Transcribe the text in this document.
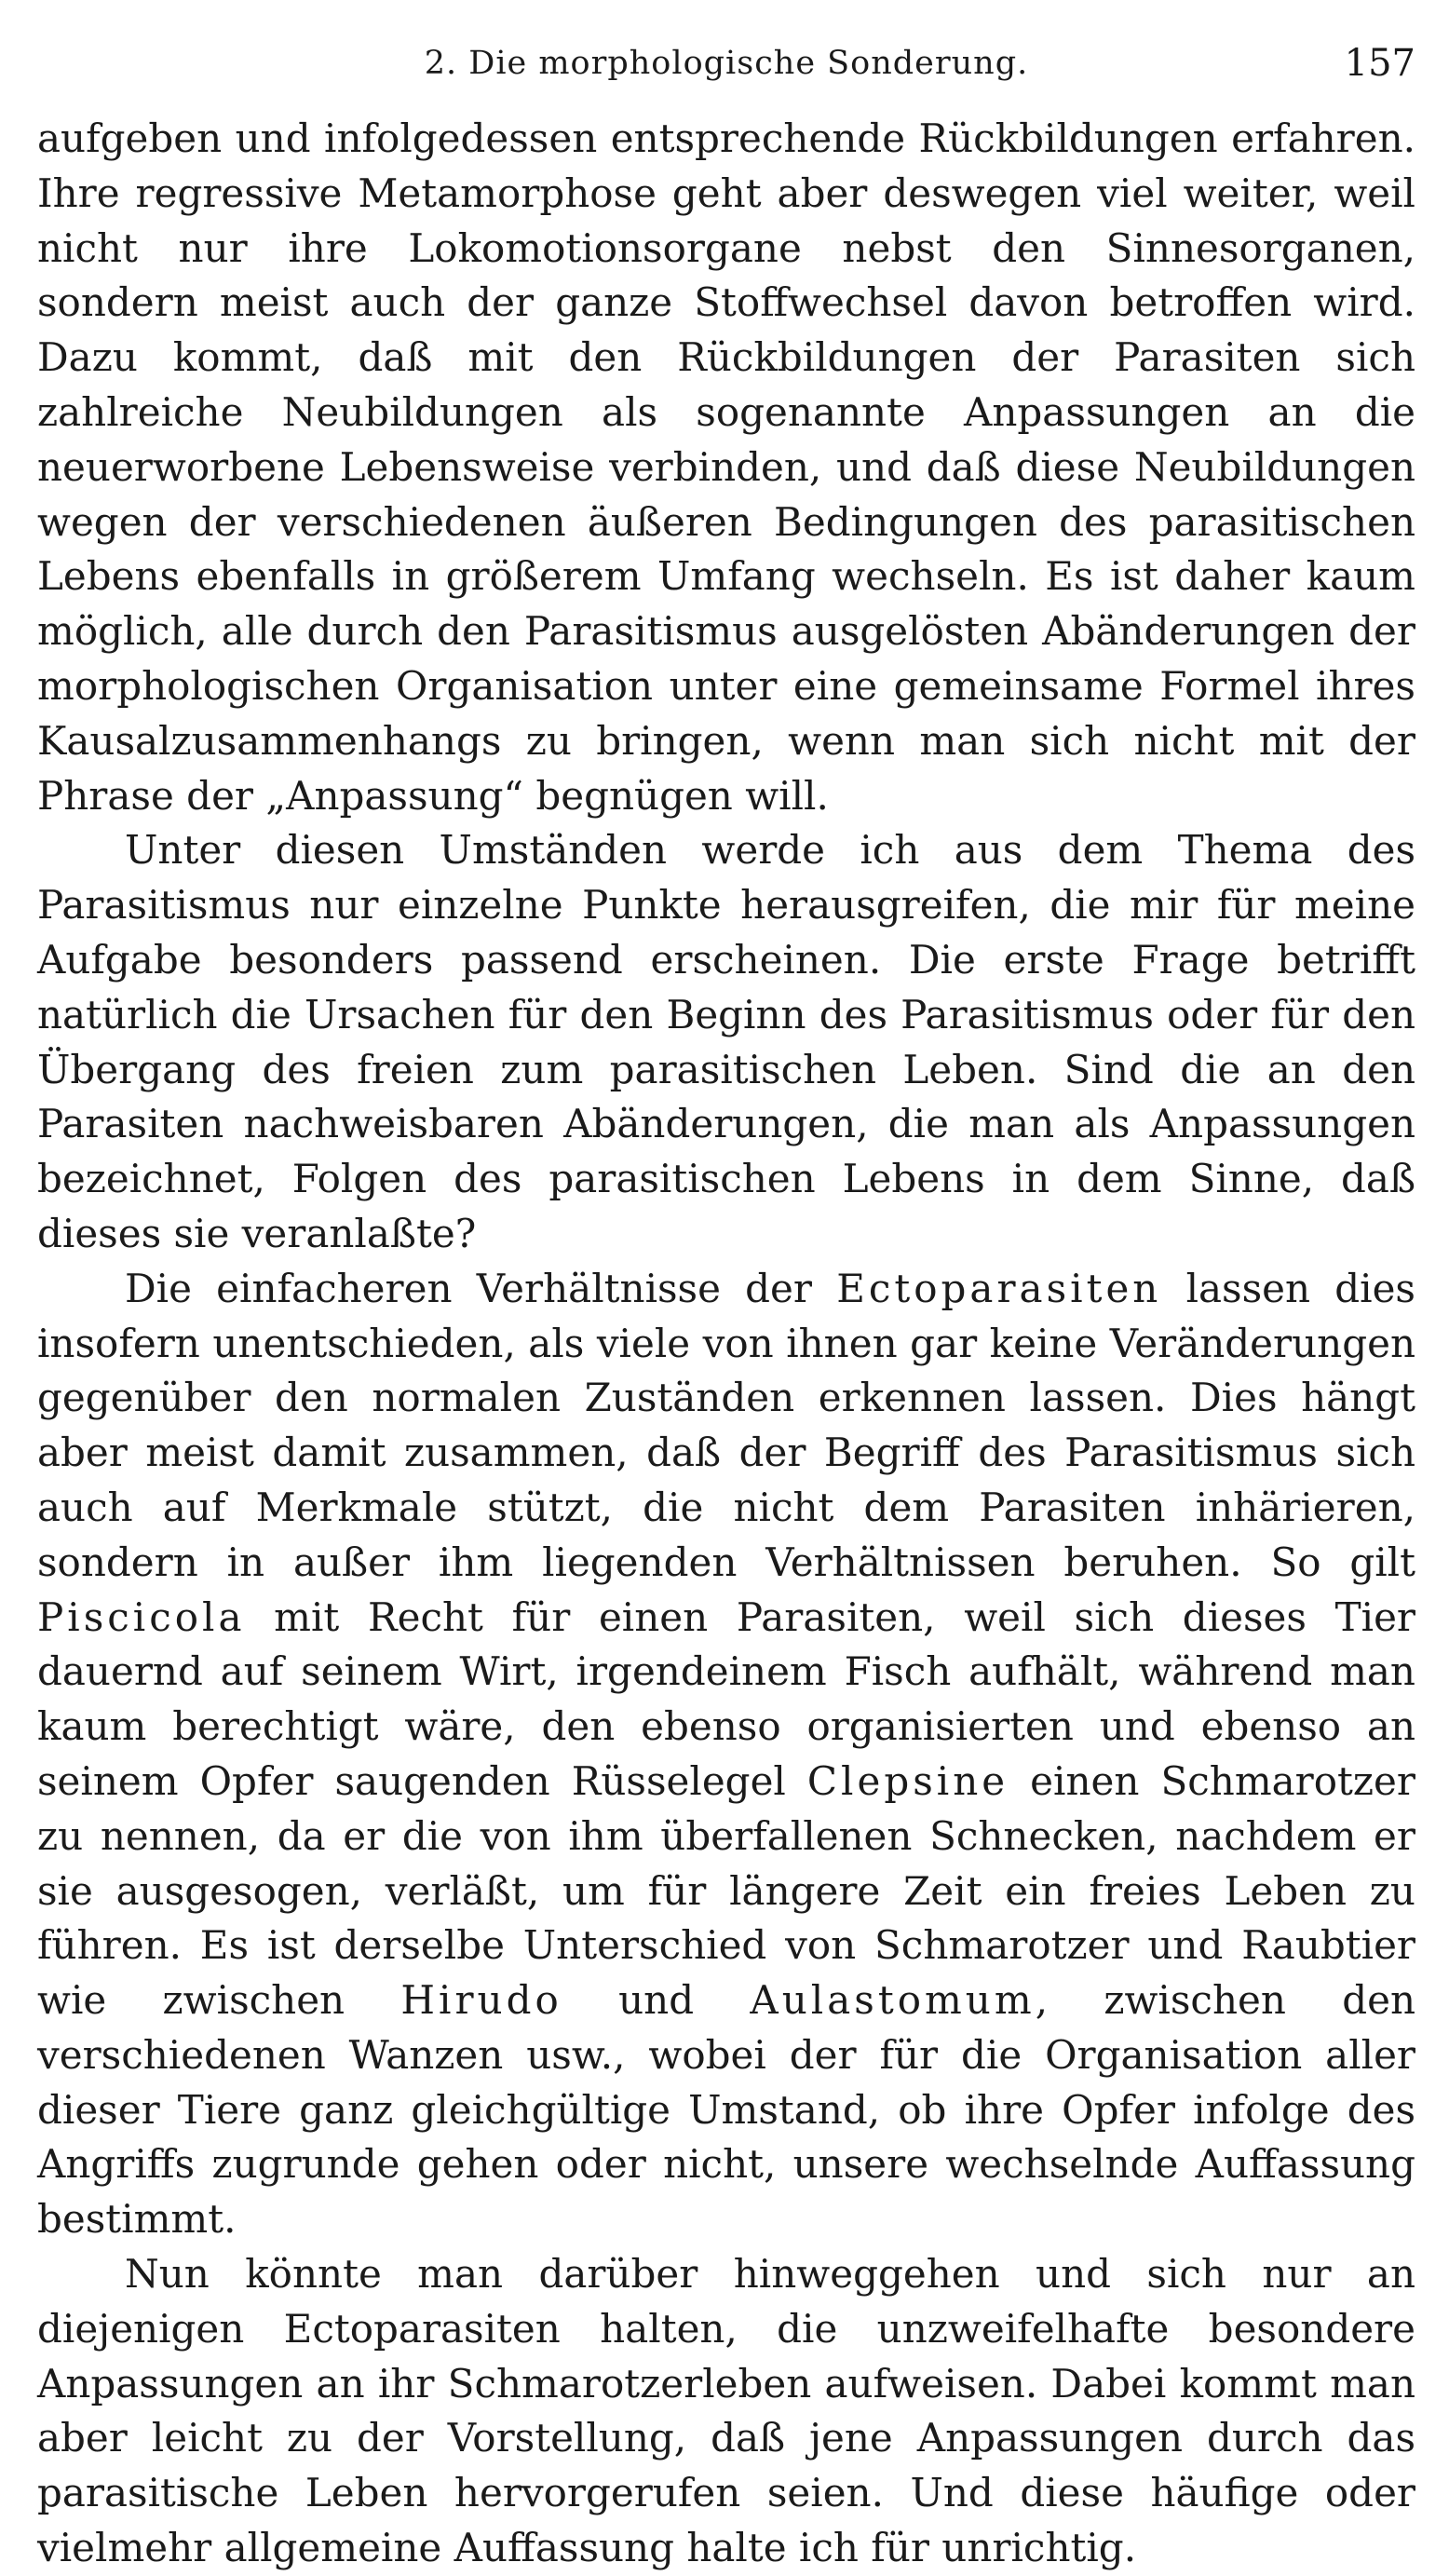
2. Die morphologische Sonderung.	157

aufgeben und infolgedessen entsprechende Rückbildungen erfahren. Ihre regressive Metamorphose geht aber deswegen viel weiter, weil nicht nur ihre Lokomotionsorgane nebst den Sinnesorganen, sondern meist auch der ganze Stoffwechsel davon betroffen wird. Dazu kommt, daß mit den Rückbildungen der Parasiten sich zahlreiche Neubildungen als sogenannte Anpassungen an die neuerworbene Lebensweise verbinden, und daß diese Neubildungen wegen der verschiedenen äußeren Bedingungen des parasitischen Lebens ebenfalls in größerem Umfang wechseln. Es ist daher kaum möglich, alle durch den Parasitismus ausgelösten Abänderungen der morphologischen Organisation unter eine gemeinsame Formel ihres Kausalzusammenhangs zu bringen, wenn man sich nicht mit der Phrase der „Anpassung“ begnügen will.

Unter diesen Umständen werde ich aus dem Thema des Parasitismus nur einzelne Punkte herausgreifen, die mir für meine Aufgabe besonders passend erscheinen. Die erste Frage betrifft natürlich die Ursachen für den Beginn des Parasitismus oder für den Übergang des freien zum parasitischen Leben. Sind die an den Parasiten nachweisbaren Abänderungen, die man als Anpassungen bezeichnet, Folgen des parasitischen Lebens in dem Sinne, daß dieses sie veranlaßte?

Die einfacheren Verhältnisse der Ectoparasiten lassen dies insofern unentschieden, als viele von ihnen gar keine Veränderungen gegenüber den normalen Zuständen erkennen lassen. Dies hängt aber meist damit zusammen, daß der Begriff des Parasitismus sich auch auf Merkmale stützt, die nicht dem Parasiten inhärieren, sondern in außer ihm liegenden Verhältnissen beruhen. So gilt Piscicola mit Recht für einen Parasiten, weil sich dieses Tier dauernd auf seinem Wirt, irgendeinem Fisch aufhält, während man kaum berechtigt wäre, den ebenso organisierten und ebenso an seinem Opfer saugenden Rüsselegel Clepsine einen Schmarotzer zu nennen, da er die von ihm überfallenen Schnecken, nachdem er sie ausgesogen, verläßt, um für längere Zeit ein freies Leben zu führen. Es ist derselbe Unterschied von Schmarotzer und Raubtier wie zwischen Hirudo und Aulastomum, zwischen den verschiedenen Wanzen usw., wobei der für die Organisation aller dieser Tiere ganz gleichgültige Umstand, ob ihre Opfer infolge des Angriffs zugrunde gehen oder nicht, unsere wechselnde Auffassung bestimmt.

Nun könnte man darüber hinweggehen und sich nur an diejenigen Ectoparasiten halten, die unzweifelhafte besondere Anpassungen an ihr Schmarotzerleben aufweisen. Dabei kommt man aber leicht zu der Vorstellung, daß jene Anpassungen durch das parasitische Leben hervorgerufen seien. Und diese häufige oder vielmehr allgemeine Auffassung halte ich für unrichtig.
